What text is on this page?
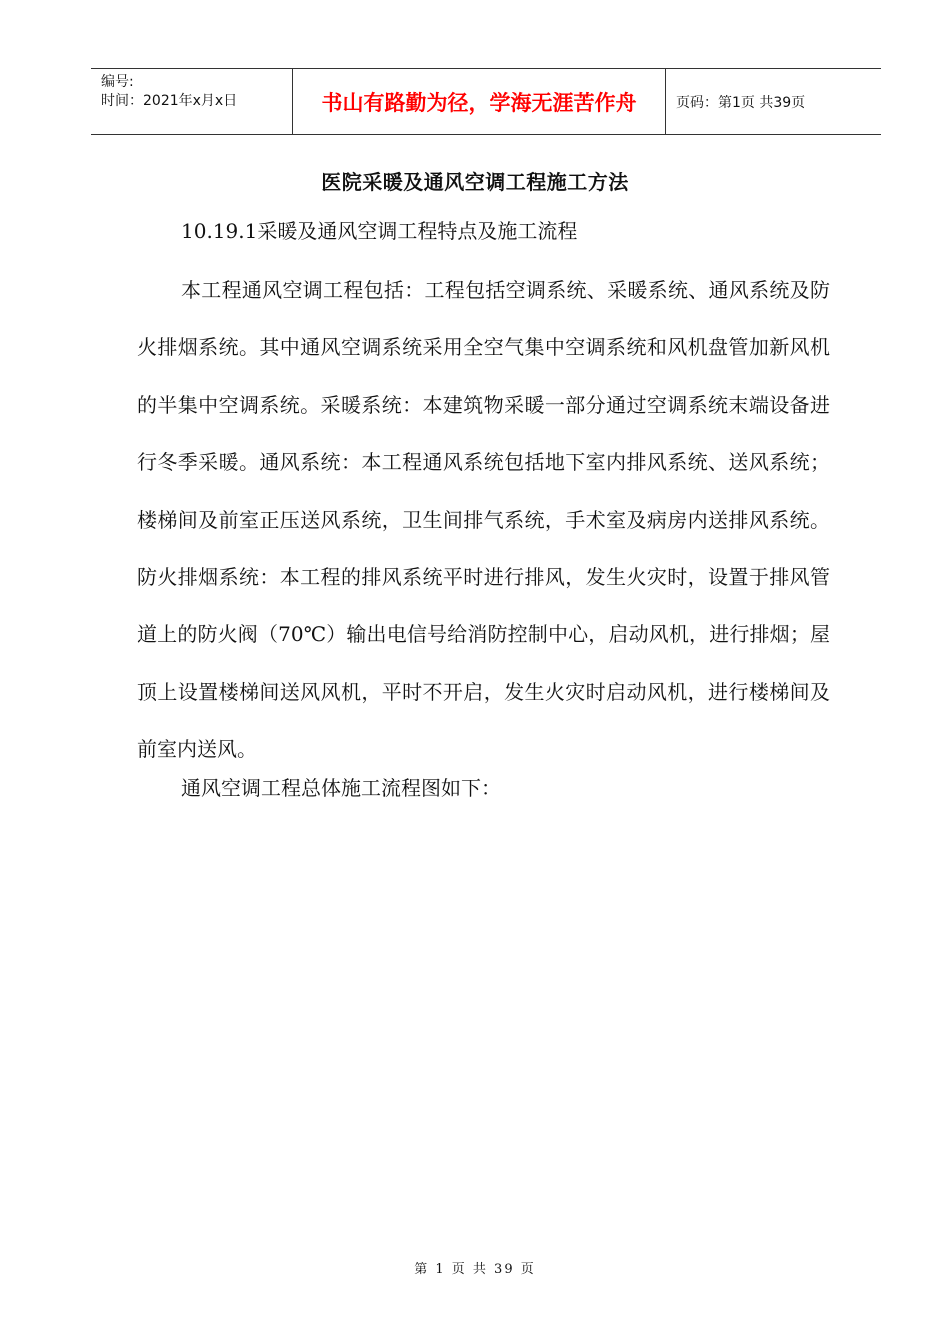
编号:
时间：2021年x月x日	书山有路勤为径，学海无涯苦作舟	页码：第1页 共39页
医院采暖及通风空调工程施工方法
10.19.1采暖及通风空调工程特点及施工流程

本工程通风空调工程包括：工程包括空调系统、采暖系统、通风系统及防火排烟系统。其中通风空调系统采用全空气集中空调系统和风机盘管加新风机的半集中空调系统。采暖系统：本建筑物采暖一部分通过空调系统末端设备进行冬季采暖。通风系统：本工程通风系统包括地下室内排风系统、送风系统；楼梯间及前室正压送风系统，卫生间排气系统，手术室及病房内送排风系统。防火排烟系统：本工程的排风系统平时进行排风，发生火灾时，设置于排风管道上的防火阀（70℃）输出电信号给消防控制中心，启动风机，进行排烟；屋顶上设置楼梯间送风风机，平时不开启，发生火灾时启动风机，进行楼梯间及前室内送风。

通风空调工程总体施工流程图如下：
第 1 页 共 39 页
